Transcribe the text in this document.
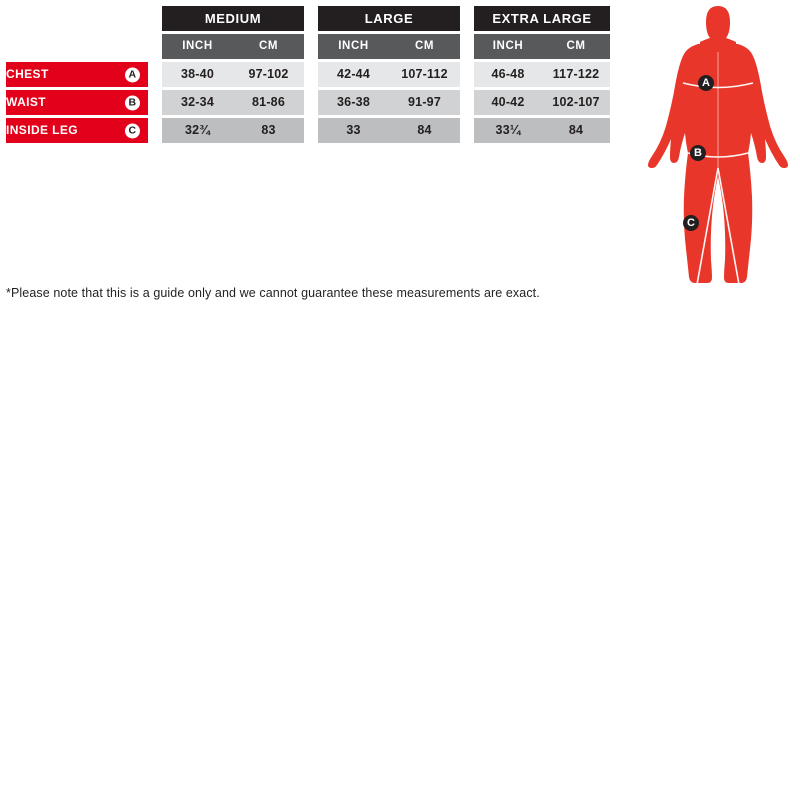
		MEDIUM			LARGE			EXTRA LARGE	

		INCH	CM		INCH	CM		INCH	CM

CHEST A		38-40	97-102		42-44	107-112		46-48	117-122

WAIST B		32-34	81-86		36-38	91-97		40-42	102-107

INSIDE LEG C		32¾	83		33	84		33¼	84
*Please note that this is a guide only and we cannot guarantee these measurements are exact.
A
B
C
